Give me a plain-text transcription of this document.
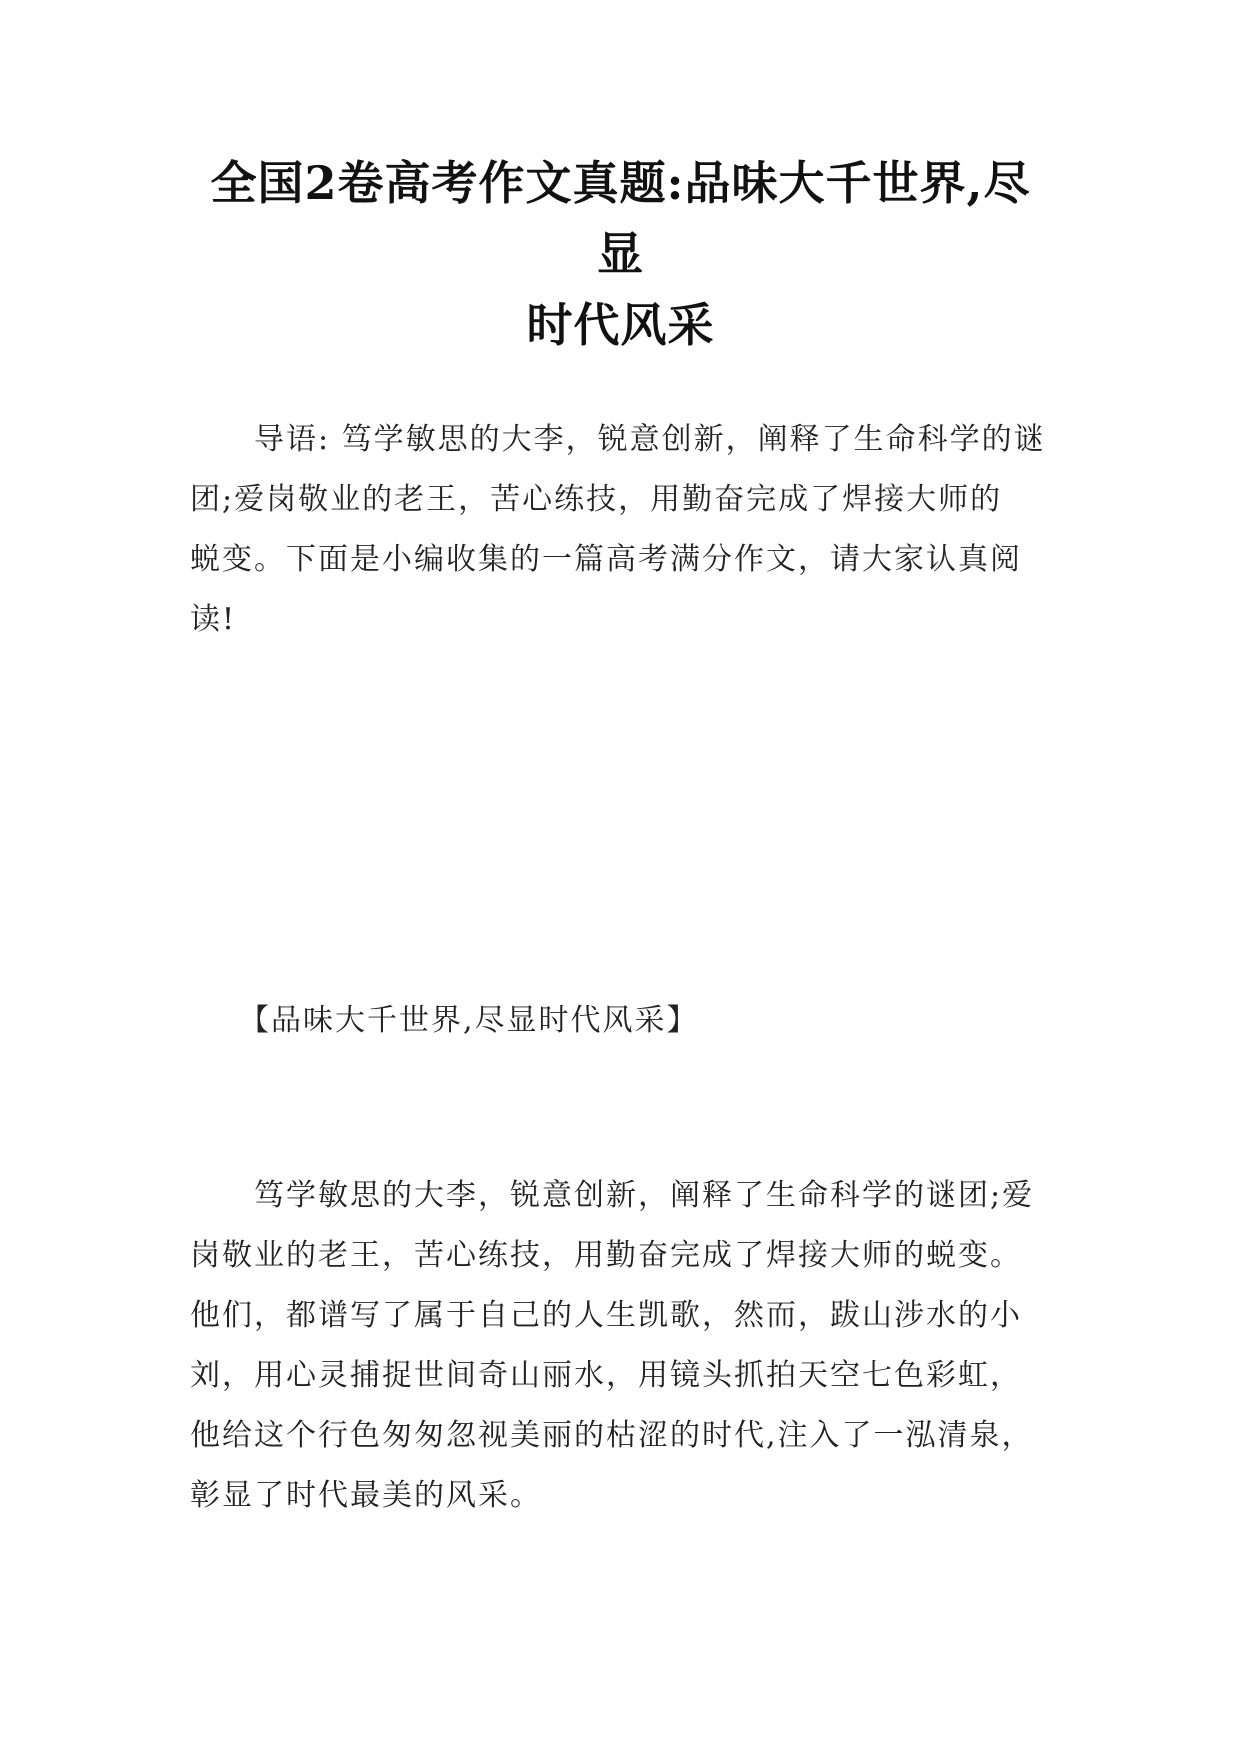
全国2卷高考作文真题:品味大千世界,尽显
时代风采

　　导语: 笃学敏思的大李，锐意创新，阐释了生命科学的谜
团;爱岗敬业的老王，苦心练技，用勤奋完成了焊接大师的
蜕变。下面是小编收集的一篇高考满分作文，请大家认真阅
读!

　　【品味大千世界,尽显时代风采】

　　笃学敏思的大李，锐意创新，阐释了生命科学的谜团;爱
岗敬业的老王，苦心练技，用勤奋完成了焊接大师的蜕变。
他们，都谱写了属于自己的人生凯歌，然而，跋山涉水的小
刘，用心灵捕捉世间奇山丽水，用镜头抓拍天空七色彩虹，
他给这个行色匆匆忽视美丽的枯涩的时代,注入了一泓清泉，
彰显了时代最美的风采。
